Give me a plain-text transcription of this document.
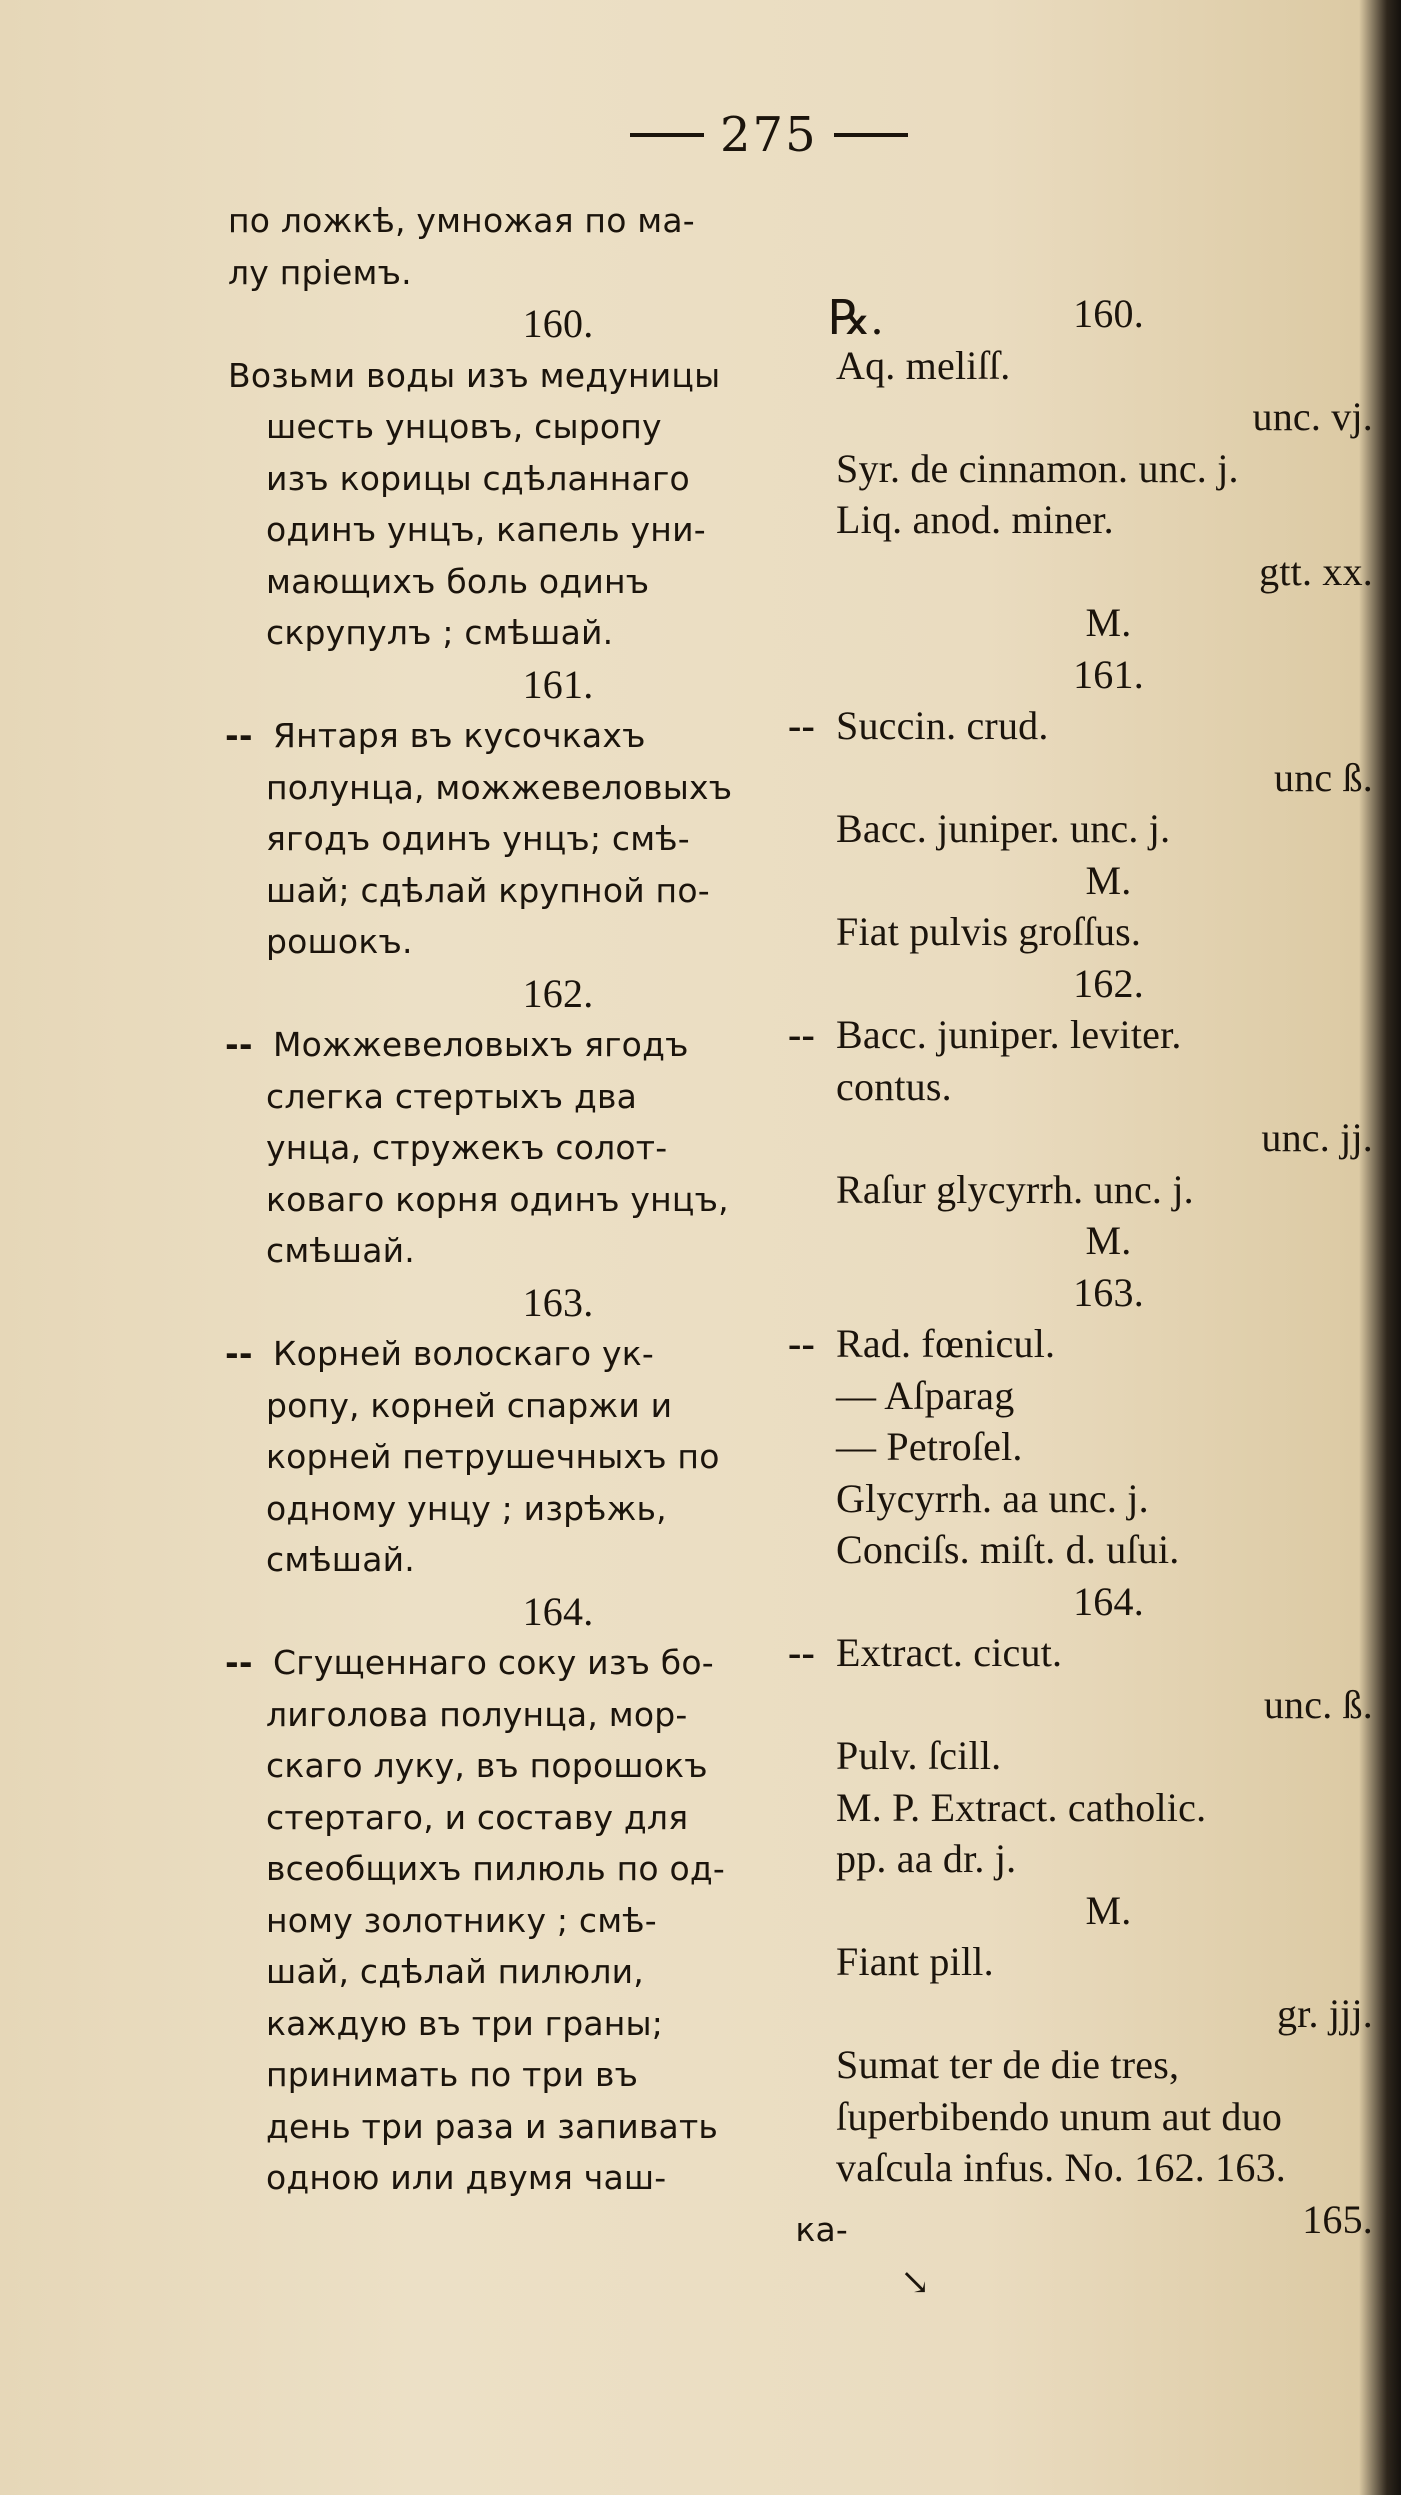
275
по ложкѣ, умножая по ма-
лу прiемъ.
160.
Возьми воды изъ медуницы
шесть унцовъ, сыропу
изъ корицы сдѣланнаго
одинъ унцъ, капель уни-
мающихъ боль одинъ
скрупулъ ; смѣшай.
161.
-- Янтаря въ кусочкахъ
полунца, можжевеловыхъ
ягодъ одинъ унцъ; смѣ-
шай; сдѣлай крупной по-
рошокъ.
162.
-- Можжевеловыхъ ягодъ
слегка стертыхъ два
унца, стружекъ солот-
коваго корня одинъ унцъ,
смѣшай.
163.
-- Корней волоскаго ук-
ропу, корней спаржи и
корней петрушечныхъ по
одному унцу ; изрѣжь,
смѣшай.
164.
-- Сгущеннаго соку изъ бо-
лиголова полунца, мор-
скаго луку, въ порошокъ
стертаго, и составу для
всеобщихъ пилюль по од-
ному золотнику ; смѣ-
шай, сдѣлай пилюли,
каждую въ три граны;
принимать по три въ
день три раза и запивать
одною или двумя чаш-
ка-
℞.	160.
Aq. meliſſ.
unc. vj.
Syr. de cinnamon. unc. j.
Liq. anod. miner.
gtt. xx.
M.
161.
-- Succin. crud.
unc ß.
Bacc. juniper. unc. j.
M.
Fiat pulvis groſſus.
162.
-- Bacc. juniper. leviter.
contus.
unc. jj.
Raſur glycyrrh. unc. j.
M.
163.
-- Rad. fœnicul.
— Aſparag
— Petroſel.
Glycyrrh. aa unc. j.
Conciſs. miſt. d. uſui.
164.
-- Extract. cicut.
unc. ß.
Pulv. ſcill.
M. P. Extract. catholic.
pp. aa dr. j.
M.
Fiant pill.
gr. jjj.
Sumat ter de die tres,
ſuperbibendo unum aut duo
vaſcula infus. No. 162. 163.
165.
↘
